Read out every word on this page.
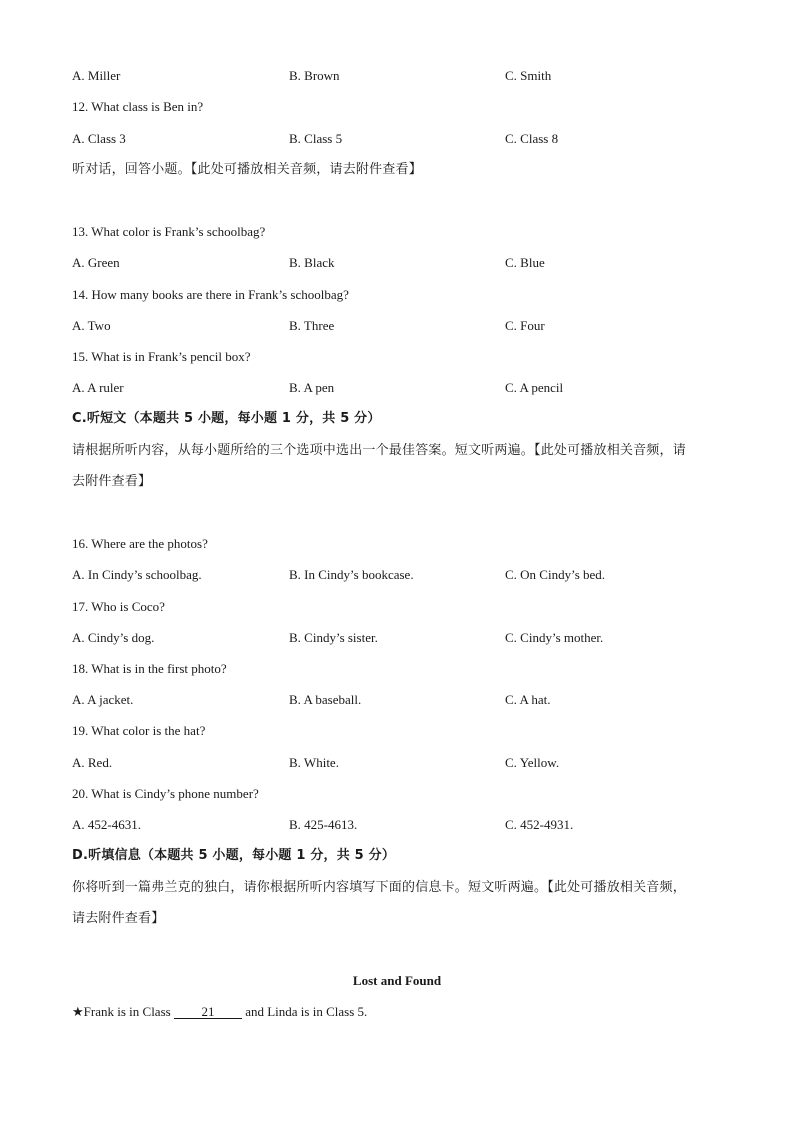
A. Miller	B. Brown	C. Smith
12. What class is Ben in?
A. Class 3	B. Class 5	C. Class 8
听对话，回答小题。【此处可播放相关音频，请去附件查看】
13. What color is Frank’s schoolbag?
A. Green	B. Black	C. Blue
14. How many books are there in Frank’s schoolbag?
A. Two	B. Three	C. Four
15. What is in Frank’s pencil box?
A. A ruler	B. A pen	C. A pencil
C.听短文（本题共 5 小题，每小题 1 分，共 5 分）
请根据所听内容，从每小题所给的三个选项中选出一个最佳答案。短文听两遍。【此处可播放相关音频，请
去附件查看】
16. Where are the photos?
A. In Cindy’s schoolbag.	B. In Cindy’s bookcase.	C. On Cindy’s bed.
17. Who is Coco?
A. Cindy’s dog.	B. Cindy’s sister.	C. Cindy’s mother.
18. What is in the first photo?
A. A jacket.	B. A baseball.	C. A hat.
19. What color is the hat?
A. Red.	B. White.	C. Yellow.
20. What is Cindy’s phone number?
A. 452-4631.	B. 425-4613.	C. 452-4931.
D.听填信息（本题共 5 小题，每小题 1 分，共 5 分）
你将听到一篇弗兰克的独白，请你根据所听内容填写下面的信息卡。短文听两遍。【此处可播放相关音频，
请去附件查看】
Lost and Found
★Frank is in Class 21 and Linda is in Class 5.
